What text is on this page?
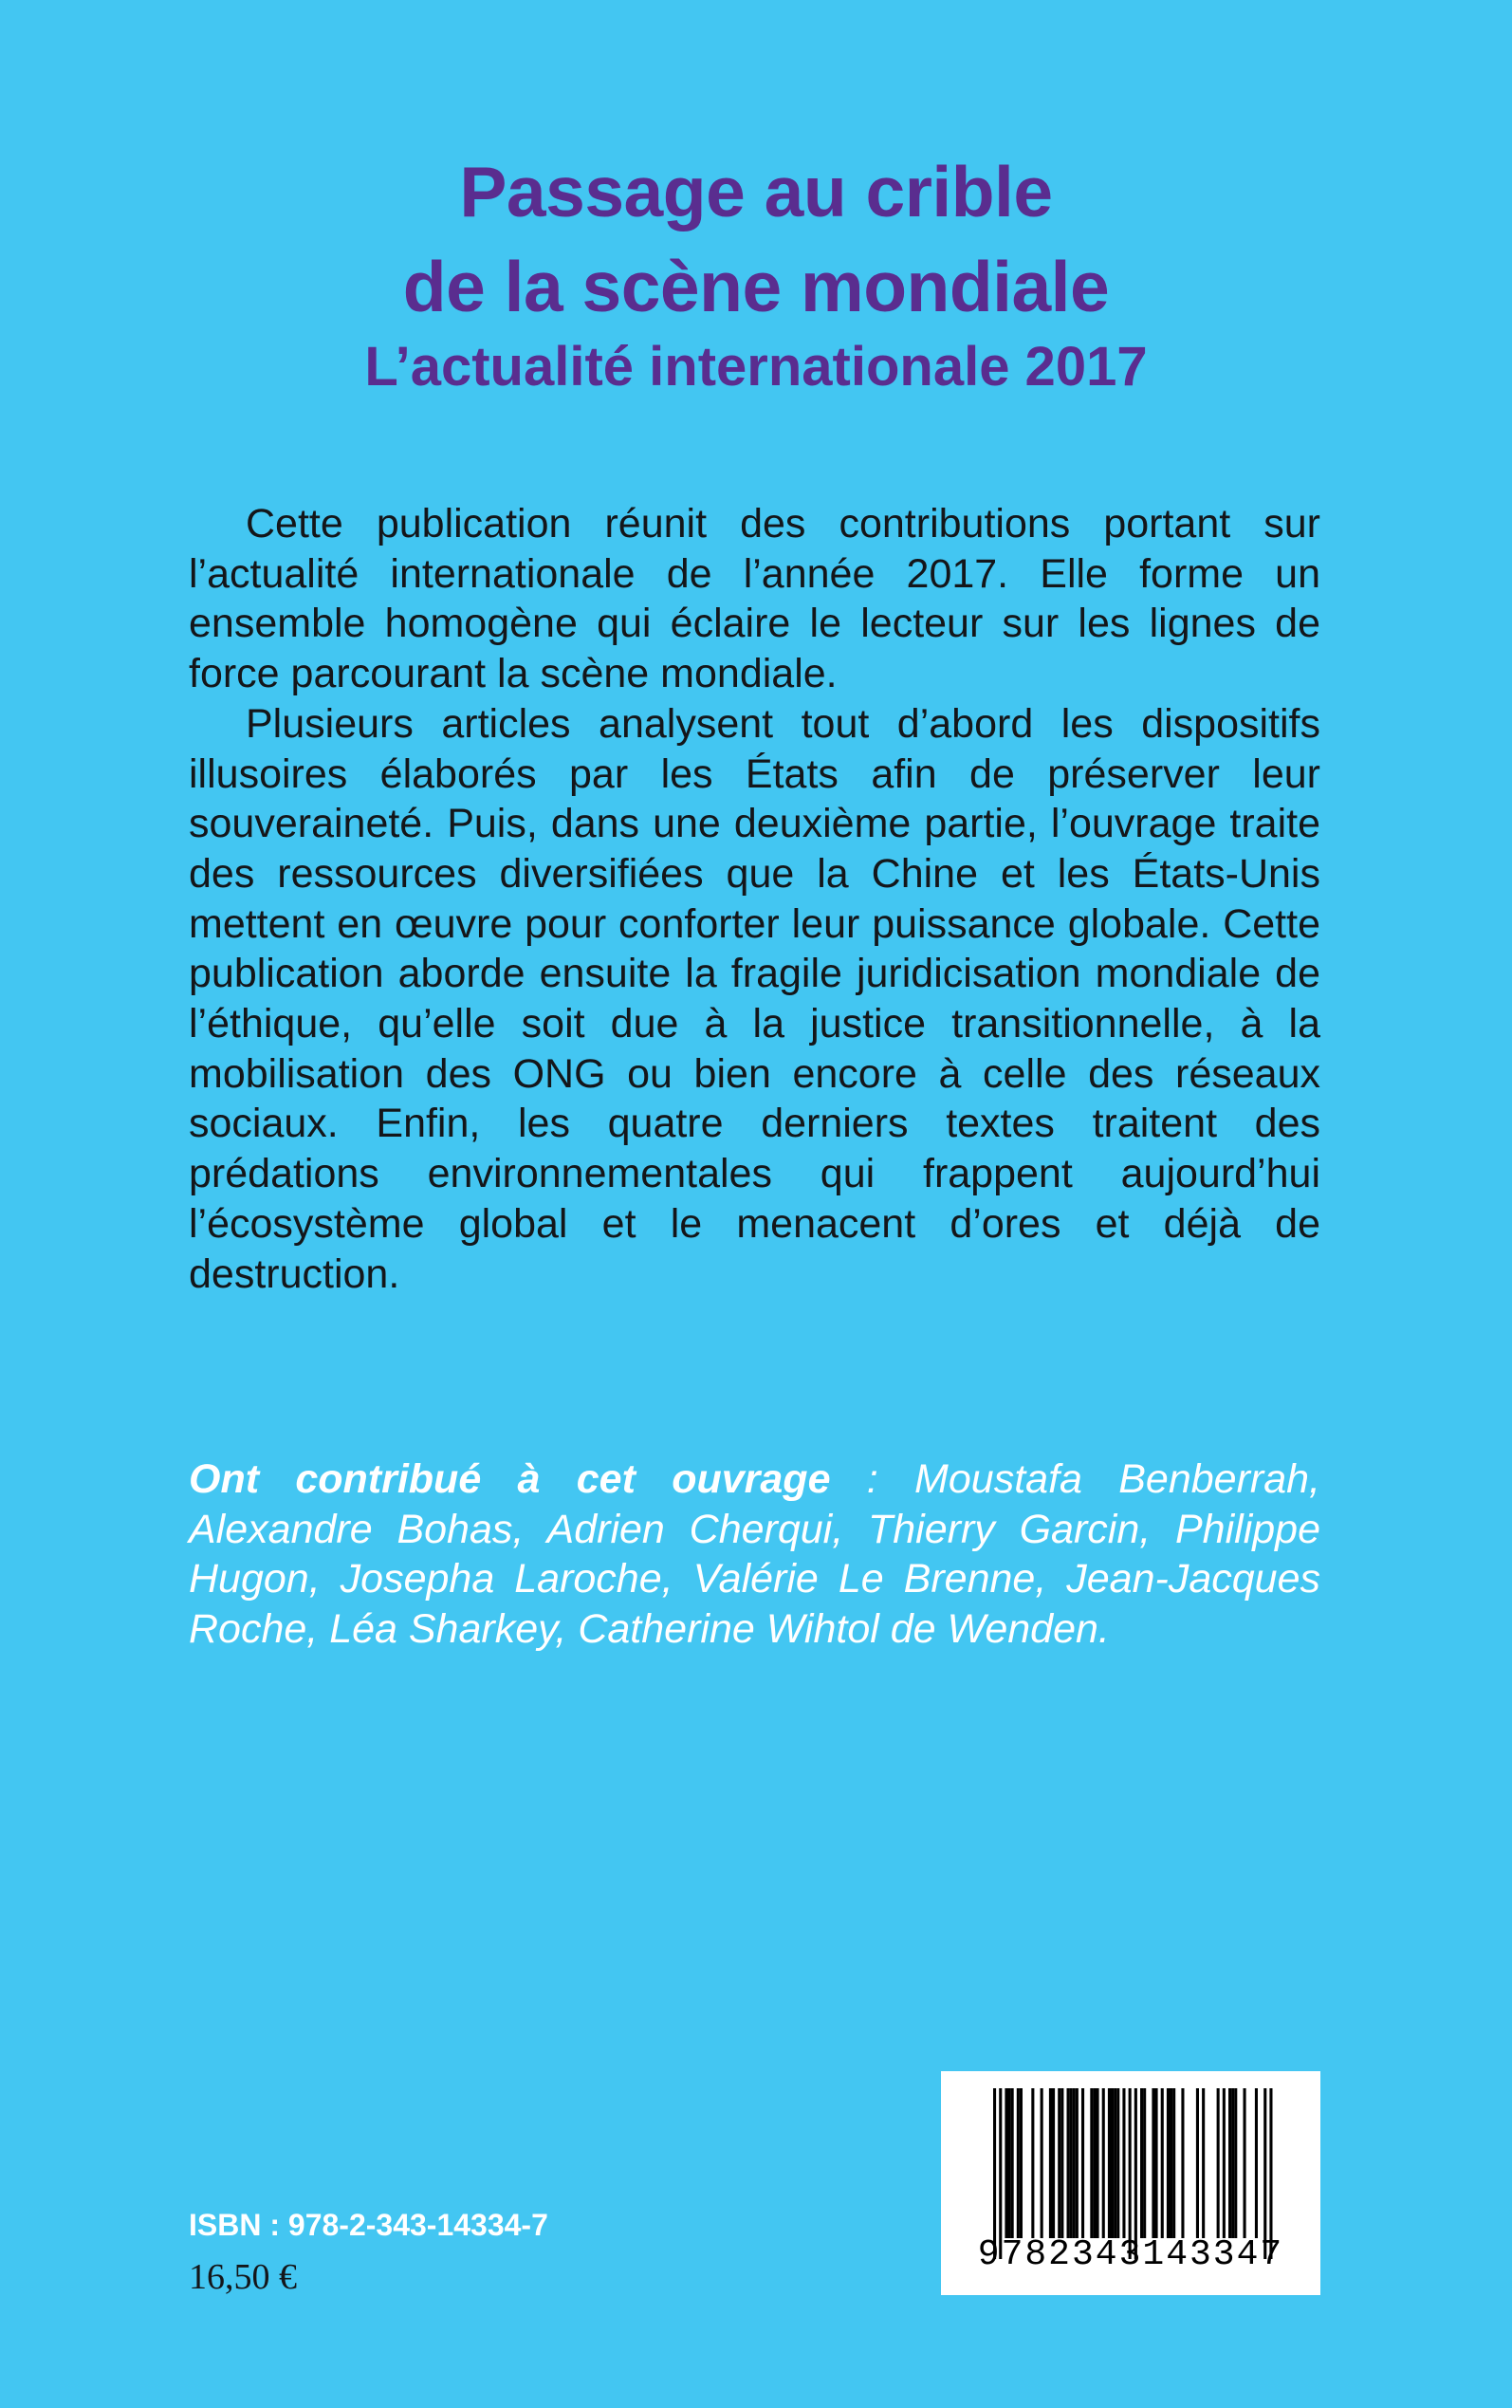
Passage au crible
de la scène mondiale
L’actualité internationale 2017

Cette publication réunit des contributions portant sur l’actualité internationale de l’année 2017. Elle forme un ensemble homogène qui éclaire le lecteur sur les lignes de force parcourant la scène mondiale.

Plusieurs articles analysent tout d’abord les dispositifs illusoires élaborés par les États afin de préserver leur souveraineté. Puis, dans une deuxième partie, l’ouvrage traite des ressources diversifiées que la Chine et les États-Unis mettent en œuvre pour conforter leur puissance globale. Cette publication aborde ensuite la fragile juridicisation mondiale de l’éthique, qu’elle soit due à la justice transitionnelle, à la mobilisation des ONG ou bien encore à celle des réseaux sociaux. Enfin, les quatre derniers textes traitent des prédations environnementales qui frappent aujourd’hui l’écosystème global et le menacent d’ores et déjà de destruction.

Ont contribué à cet ouvrage : Moustafa Benberrah, Alexandre Bohas, Adrien Cherqui, Thierry Garcin, Philippe Hugon, Josepha Laroche, Valérie Le Brenne, Jean-Jacques Roche, Léa Sharkey, Catherine Wihtol de Wenden.
ISBN : 978-2-343-14334-7
16,50 €
9782343143347
